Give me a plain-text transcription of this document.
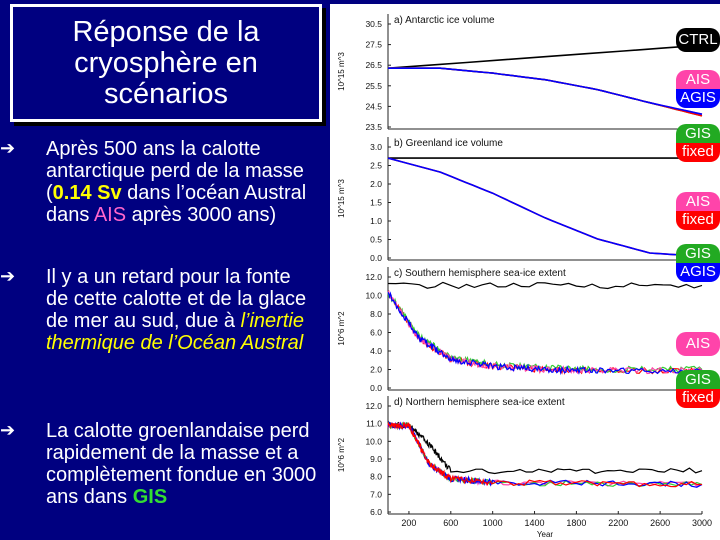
Réponse de la
cryosphère en
scénarios
➔ Après 500 ans la calotte antarctique perd de la masse (0.14 Sv dans l’océan Austral dans AIS après 3000 ans)
➔ Il y a un retard pour la fonte de cette calotte et de la glace de mer au sud, due à l’inertie thermique de l’Océan Austral
➔ La calotte groenlandaise perd rapidement de la masse et a complètement fondue en 3000 ans dans GIS
a) Antarctic ice volume
10^15 m^3
30.5
27.5
26.5
25.5
24.5
23.5
b) Greenland ice volume
10^15 m^3
3.0
2.5
2.0
1.5
1.0
0.5
0.0
c) Southern hemisphere sea-ice extent
10^6 m^2
12.0
10.0
8.0
6.0
4.0
2.0
0.0
d) Northern hemisphere sea-ice extent
10^6 m^2
12.0
11.0
10.0
9.0
8.0
7.0
6.0
200	600	1000 1400 1800 2200 2600 3000
Year
CTRL
AIS
AGIS
GIS
fixed
AIS
fixed
GIS
AGIS
AIS
GIS
fixed
